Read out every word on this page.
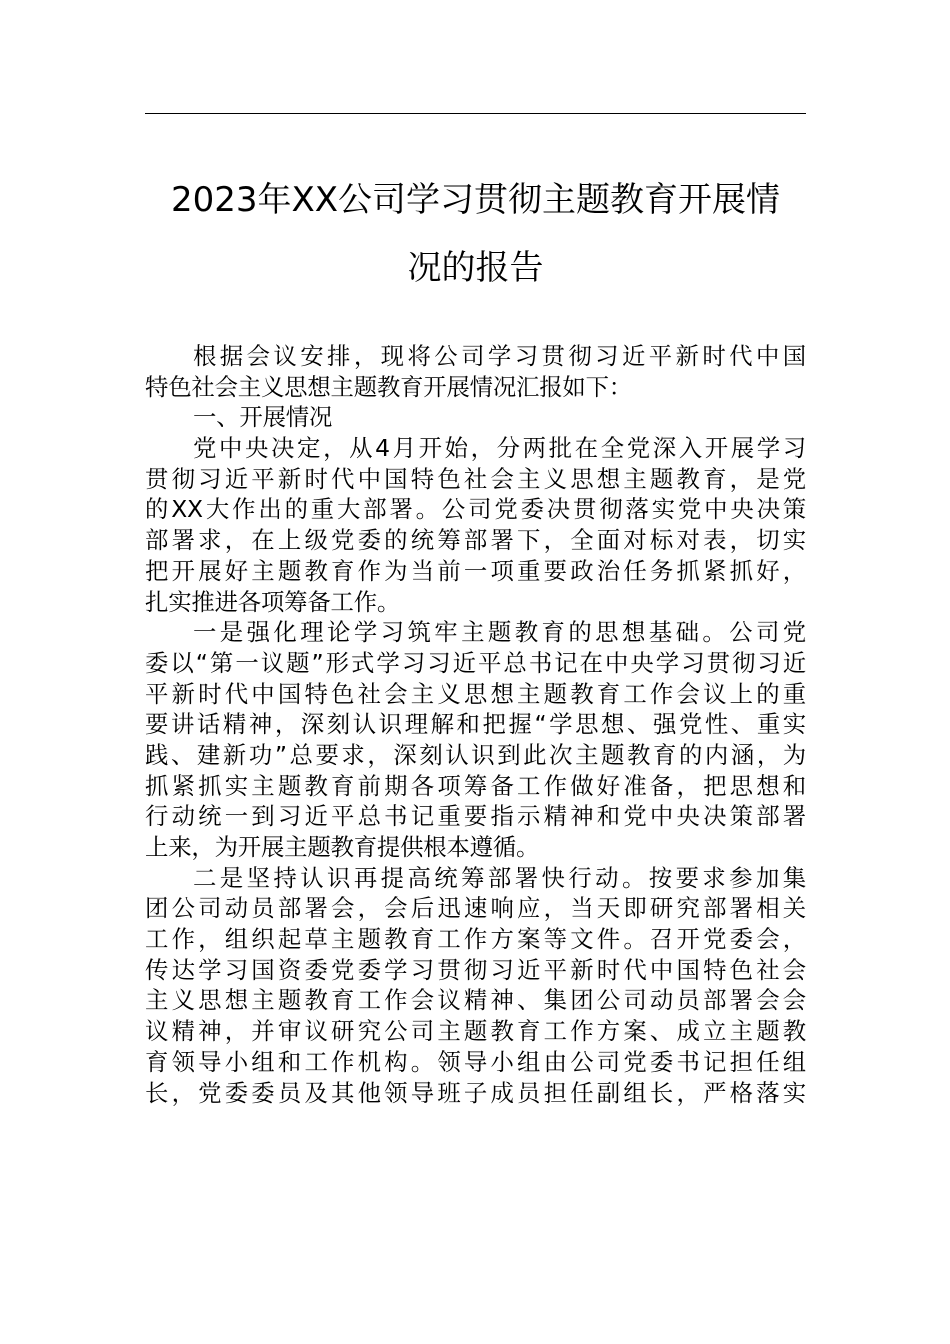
2023年XX公司学习贯彻主题教育开展情
况的报告
根据会议安排，现将公司学习贯彻习近平新时代中国
特色社会主义思想主题教育开展情况汇报如下：
一、开展情况
党中央决定，从4月开始，分两批在全党深入开展学习
贯彻习近平新时代中国特色社会主义思想主题教育，是党
的XX大作出的重大部署。公司党委决贯彻落实党中央决策
部署求，在上级党委的统筹部署下，全面对标对表，切实
把开展好主题教育作为当前一项重要政治任务抓紧抓好，
扎实推进各项筹备工作。
一是强化理论学习筑牢主题教育的思想基础。公司党
委以“第一议题”形式学习习近平总书记在中央学习贯彻习近
平新时代中国特色社会主义思想主题教育工作会议上的重
要讲话精神，深刻认识理解和把握“学思想、强党性、重实
践、建新功”总要求，深刻认识到此次主题教育的内涵，为
抓紧抓实主题教育前期各项筹备工作做好准备，把思想和
行动统一到习近平总书记重要指示精神和党中央决策部署
上来，为开展主题教育提供根本遵循。
二是坚持认识再提高统筹部署快行动。按要求参加集
团公司动员部署会，会后迅速响应，当天即研究部署相关
工作，组织起草主题教育工作方案等文件。召开党委会，
传达学习国资委党委学习贯彻习近平新时代中国特色社会
主义思想主题教育工作会议精神、集团公司动员部署会会
议精神，并审议研究公司主题教育工作方案、成立主题教
育领导小组和工作机构。领导小组由公司党委书记担任组
长，党委委员及其他领导班子成员担任副组长，严格落实
